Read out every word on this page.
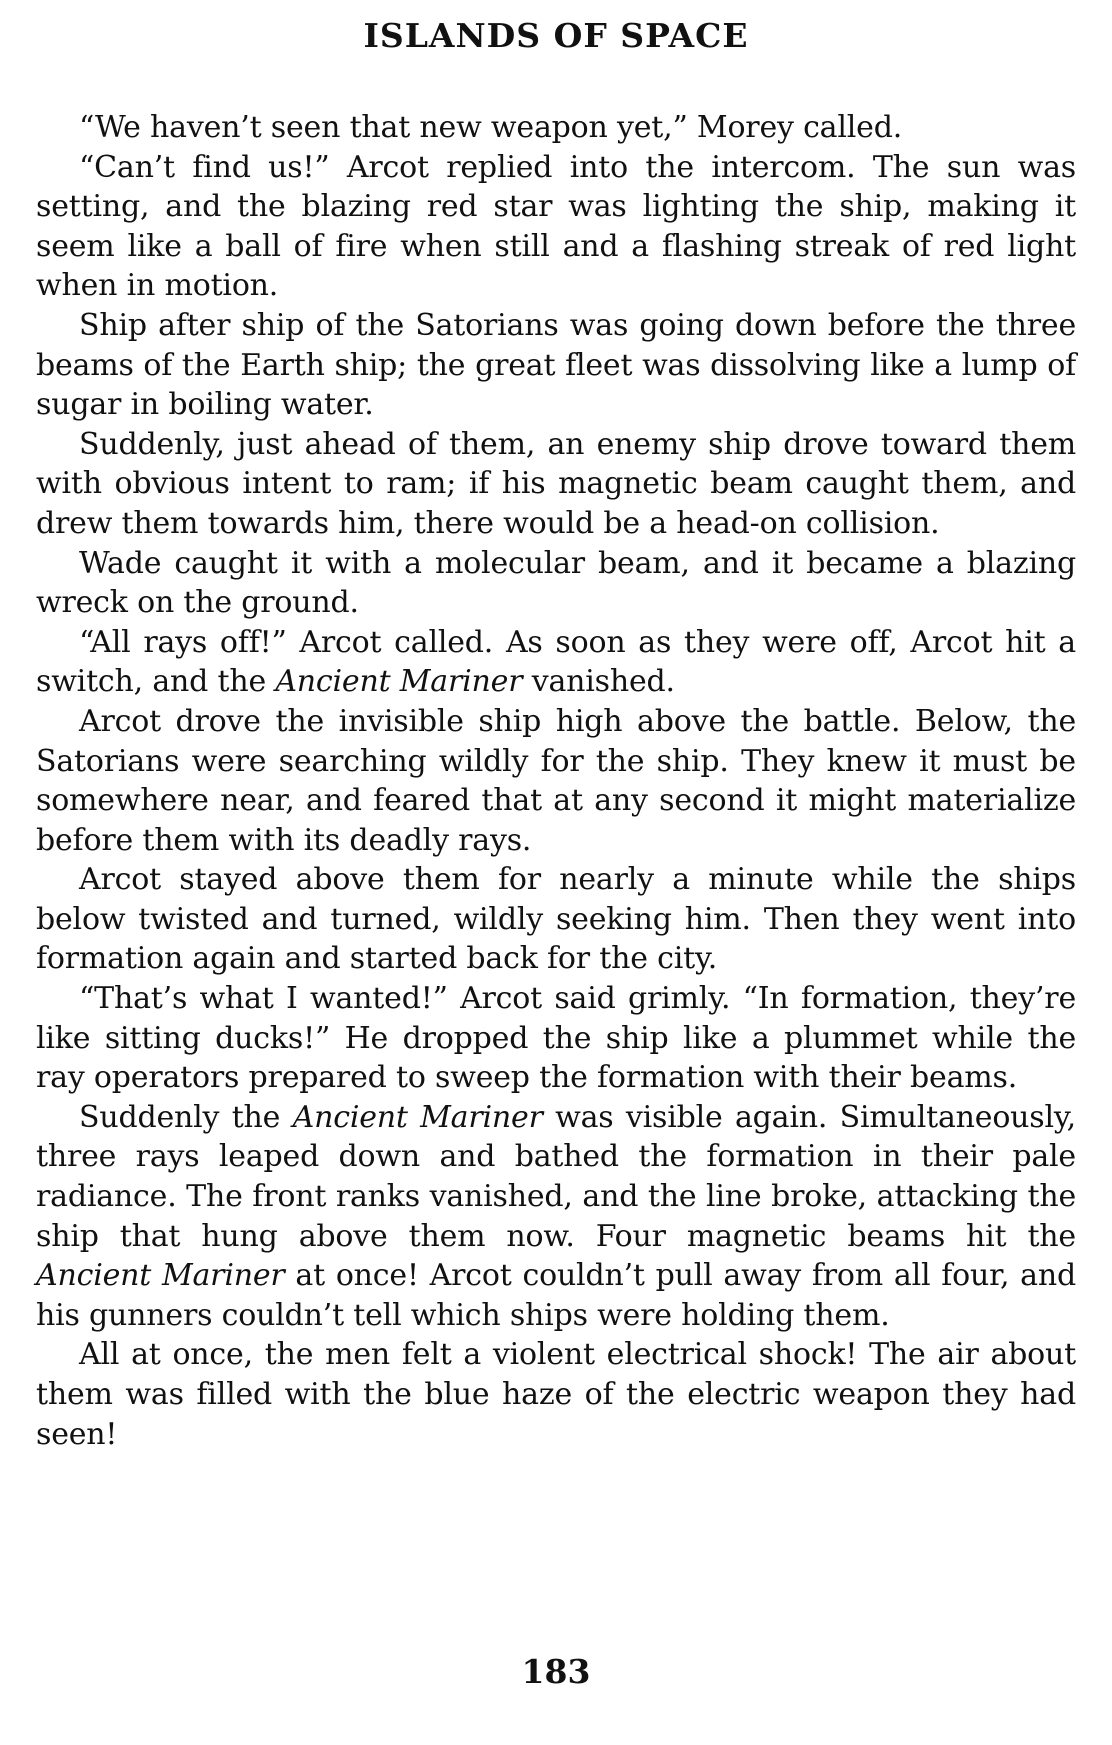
ISLANDS OF SPACE

“We haven’t seen that new weapon yet,” Morey called.

“Can’t find us!” Arcot replied into the intercom. The sun was setting, and the blazing red star was lighting the ship, making it seem like a ball of fire when still and a flashing streak of red light when in motion.

Ship after ship of the Satorians was going down before the three beams of the Earth ship; the great fleet was dissolving like a lump of sugar in boiling water.

Suddenly, just ahead of them, an enemy ship drove toward them with obvious intent to ram; if his magnetic beam caught them, and drew them towards him, there would be a head-on collision.

Wade caught it with a molecular beam, and it became a blazing wreck on the ground.

“All rays off!” Arcot called. As soon as they were off, Arcot hit a switch, and the Ancient Mariner vanished.

Arcot drove the invisible ship high above the battle. Below, the Satorians were searching wildly for the ship. They knew it must be somewhere near, and feared that at any second it might materialize before them with its deadly rays.

Arcot stayed above them for nearly a minute while the ships below twisted and turned, wildly seeking him. Then they went into formation again and started back for the city.

“That’s what I wanted!” Arcot said grimly. “In formation, they’re like sitting ducks!” He dropped the ship like a plummet while the ray operators prepared to sweep the formation with their beams.

Suddenly the Ancient Mariner was visible again. Simultaneously, three rays leaped down and bathed the formation in their pale radiance. The front ranks vanished, and the line broke, attacking the ship that hung above them now. Four magnetic beams hit the Ancient Mariner at once! Arcot couldn’t pull away from all four, and his gunners couldn’t tell which ships were holding them.

All at once, the men felt a violent electrical shock! The air about them was filled with the blue haze of the electric weapon they had seen!

183
